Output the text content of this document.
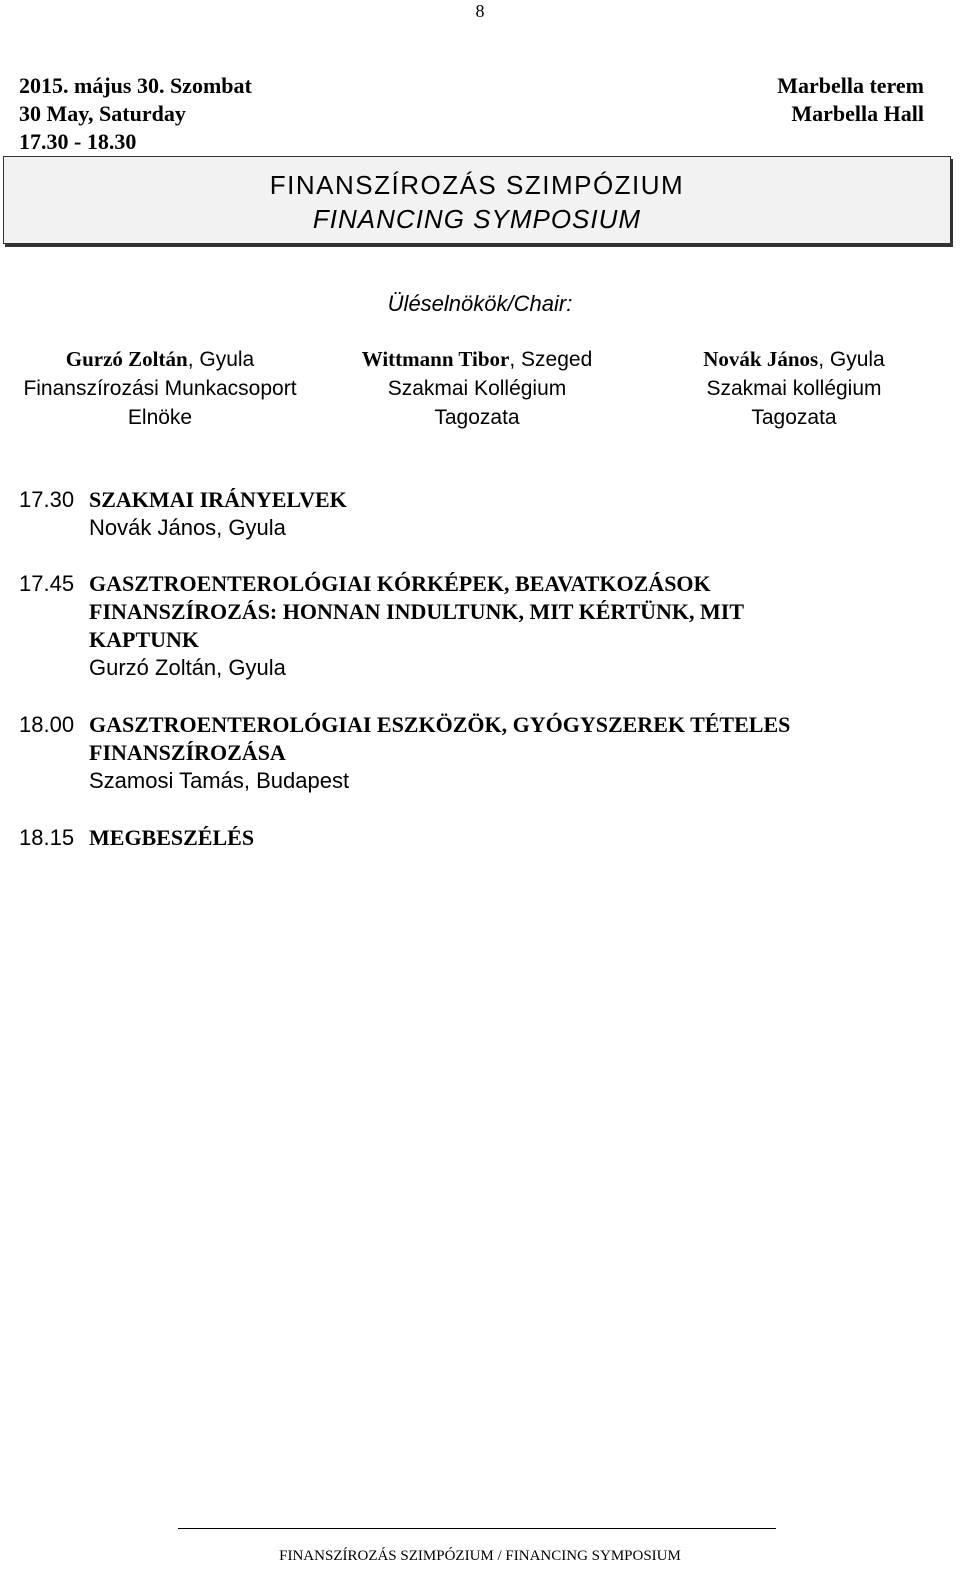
8
2015. május 30. Szombat
30 May, Saturday
17.30 - 18.30
Marbella terem
Marbella Hall
FINANSZÍROZÁS SZIMPÓZIUM
FINANCING SYMPOSIUM
Üléselnökök/Chair:
Gurzó Zoltán, Gyula
Finanszírozási Munkacsoport
Elnöke
Wittmann Tibor, Szeged
Szakmai Kollégium
Tagozata
Novák János, Gyula
Szakmai kollégium
Tagozata
17.30 SZAKMAI IRÁNYELVEK
Novák János, Gyula
17.45 GASZTROENTEROLÓGIAI KÓRKÉPEK, BEAVATKOZÁSOK FINANSZÍROZÁS: HONNAN INDULTUNK, MIT KÉRTÜNK, MIT KAPTUNK
Gurzó Zoltán, Gyula
18.00 GASZTROENTEROLÓGIAI ESZKÖZÖK, GYÓGYSZEREK TÉTELES FINANSZÍROZÁSA
Szamosi Tamás, Budapest
18.15 MEGBESZÉLÉS
FINANSZÍROZÁS SZIMPÓZIUM / FINANCING SYMPOSIUM
